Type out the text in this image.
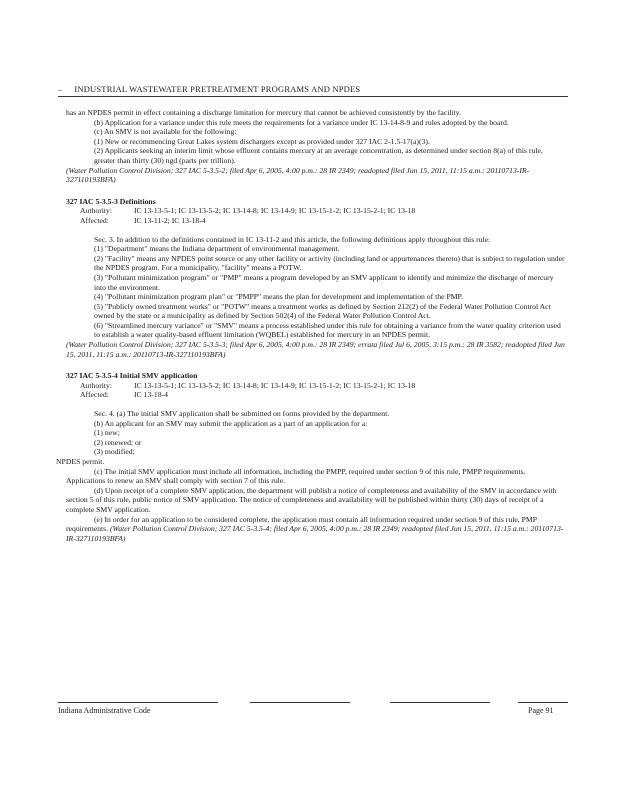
– INDUSTRIAL WASTEWATER PRETREATMENT PROGRAMS AND NPDES

has an NPDES permit in effect containing a discharge limitation for mercury that cannot be achieved consistently by the facility.

(b) Application for a variance under this rule meets the requirements for a variance under IC 13-14-8-9 and rules adopted by the board.

(c) An SMV is not available for the following:

(1) New or recommencing Great Lakes system dischargers except as provided under 327 IAC 2-1.5-17(a)(3).

(2) Applicants seeking an interim limit whose effluent contains mercury at an average concentration, as determined under section 8(a) of this rule, greater than thirty (30) ngd (parts per trillion).

(Water Pollution Control Division; 327 IAC 5-3.5-2; filed Apr 6, 2005, 4:00 p.m.: 28 IR 2349; readopted filed Jun 15, 2011, 11:15 a.m.: 20110713-IR-327110193BFA)

327 IAC 5-3.5-3 Definitions

Authority:	IC 13-13-5-1; IC 13-13-5-2; IC 13-14-8; IC 13-14-9; IC 13-15-1-2; IC 13-15-2-1; IC 13-18

Affected:	IC 13-11-2; IC 13-18-4

Sec. 3. In addition to the definitions contained in IC 13-11-2 and this article, the following definitions apply throughout this rule:

(1) "Department" means the Indiana department of environmental management.

(2) "Facility" means any NPDES point source or any other facility or activity (including land or appurtenances thereto) that is subject to regulation under the NPDES program. For a municipality, "facility" means a POTW.

(3) "Pollutant minimization program" or "PMP" means a program developed by an SMV applicant to identify and minimize the discharge of mercury into the environment.

(4) "Pollutant minimization program plan" or "PMPP" means the plan for development and implementation of the PMP.

(5) "Publicly owned treatment works" or "POTW" means a treatment works as defined by Section 212(2) of the Federal Water Pollution Control Act owned by the state or a municipality as defined by Section 502(4) of the Federal Water Pollution Control Act.

(6) "Streamlined mercury variance" or "SMV" means a process established under this rule for obtaining a variance from the water quality criterion used to establish a water quality-based effluent limitation (WQBEL) established for mercury in an NPDES permit.

(Water Pollution Control Division; 327 IAC 5-3.5-3; filed Apr 6, 2005, 4:00 p.m.: 28 IR 2349; errata filed Jul 6, 2005, 3:15 p.m.: 28 IR 3582; readopted filed Jun 15, 2011, 11:15 a.m.: 20110713-IR-327110193BFA)

327 IAC 5-3.5-4 Initial SMV application

Authority:	IC 13-13-5-1; IC 13-13-5-2; IC 13-14-8; IC 13-14-9; IC 13-15-1-2; IC 13-15-2-1; IC 13-18

Affected:	IC 13-18-4

Sec. 4. (a) The initial SMV application shall be submitted on forms provided by the department.

(b) An applicant for an SMV may submit the application as a part of an application for a:

(1) new;

(2) renewed; or

(3) modified;

NPDES permit.

(c) The initial SMV application must include all information, including the PMPP, required under section 9 of this rule, PMPP requirements. Applications to renew an SMV shall comply with section 7 of this rule.

(d) Upon receipt of a complete SMV application, the department will publish a notice of completeness and availability of the SMV in accordance with section 5 of this rule, public notice of SMV application. The notice of completeness and availability will be published within thirty (30) days of receipt of a complete SMV application.

(e) In order for an application to be considered complete, the application must contain all information required under section 9 of this rule, PMP requirements. (Water Pollution Control Division; 327 IAC 5-3.5-4; filed Apr 6, 2005, 4:00 p.m.: 28 IR 2349; readopted filed Jun 15, 2011, 11:15 a.m.: 20110713-IR-327110193BFA)

Indiana Administrative Code	Page 91
